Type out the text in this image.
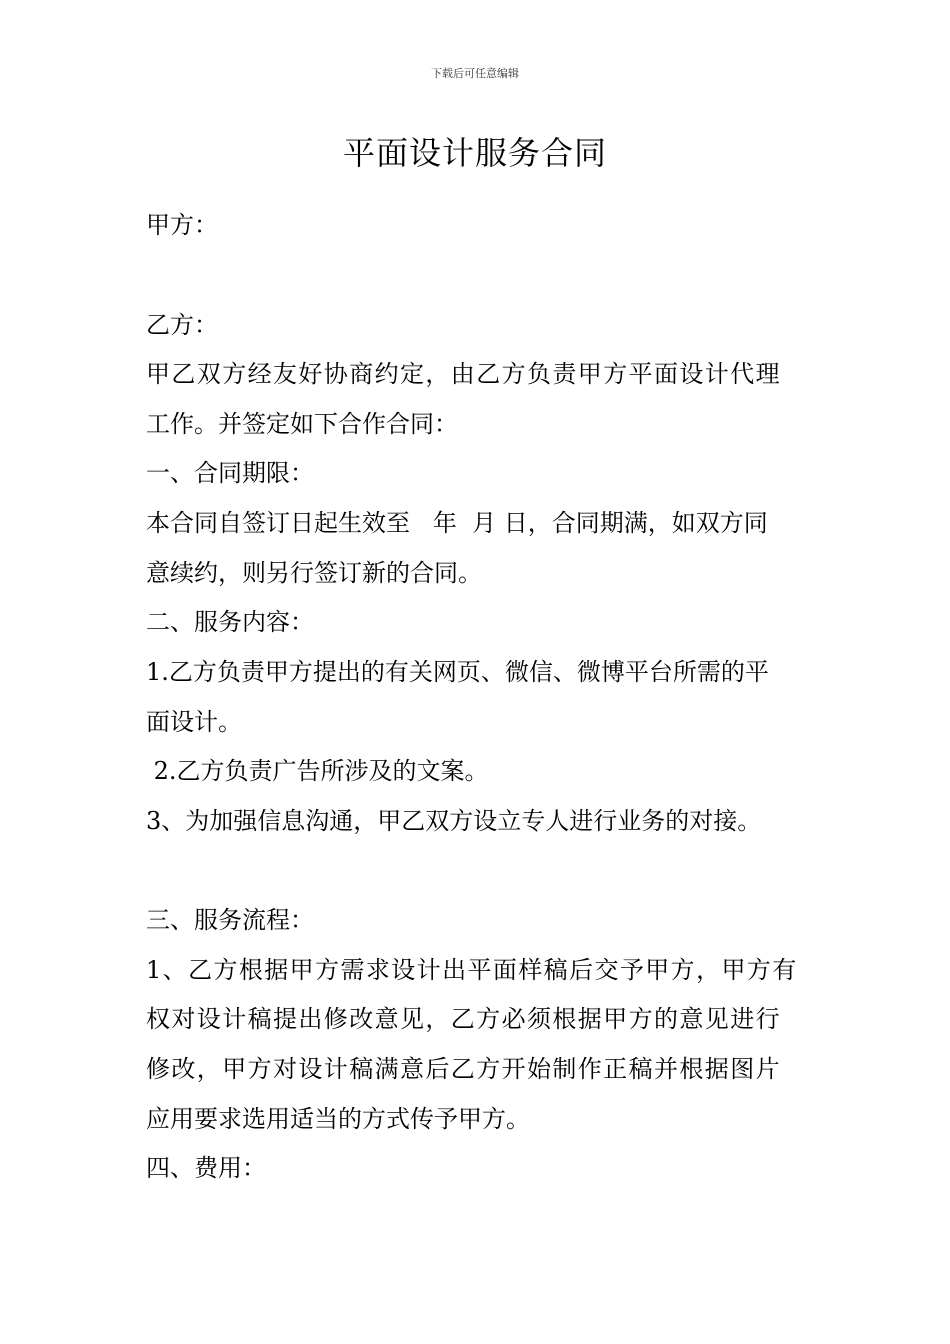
下载后可任意编辑
平面设计服务合同
甲方：
乙方：
甲乙双方经友好协商约定，由乙方负责甲方平面设计代理
工作。并签定如下合作合同：
一、合同期限：
本合同自签订日起生效至   年  月 日，合同期满，如双方同
意续约，则另行签订新的合同。
二、服务内容：
1.乙方负责甲方提出的有关网页、微信、微博平台所需的平
面设计。
2.乙方负责广告所涉及的文案。
3、为加强信息沟通，甲乙双方设立专人进行业务的对接。
三、服务流程：
1、乙方根据甲方需求设计出平面样稿后交予甲方，甲方有
权对设计稿提出修改意见，乙方必须根据甲方的意见进行
修改，甲方对设计稿满意后乙方开始制作正稿并根据图片
应用要求选用适当的方式传予甲方。
四、费用：
